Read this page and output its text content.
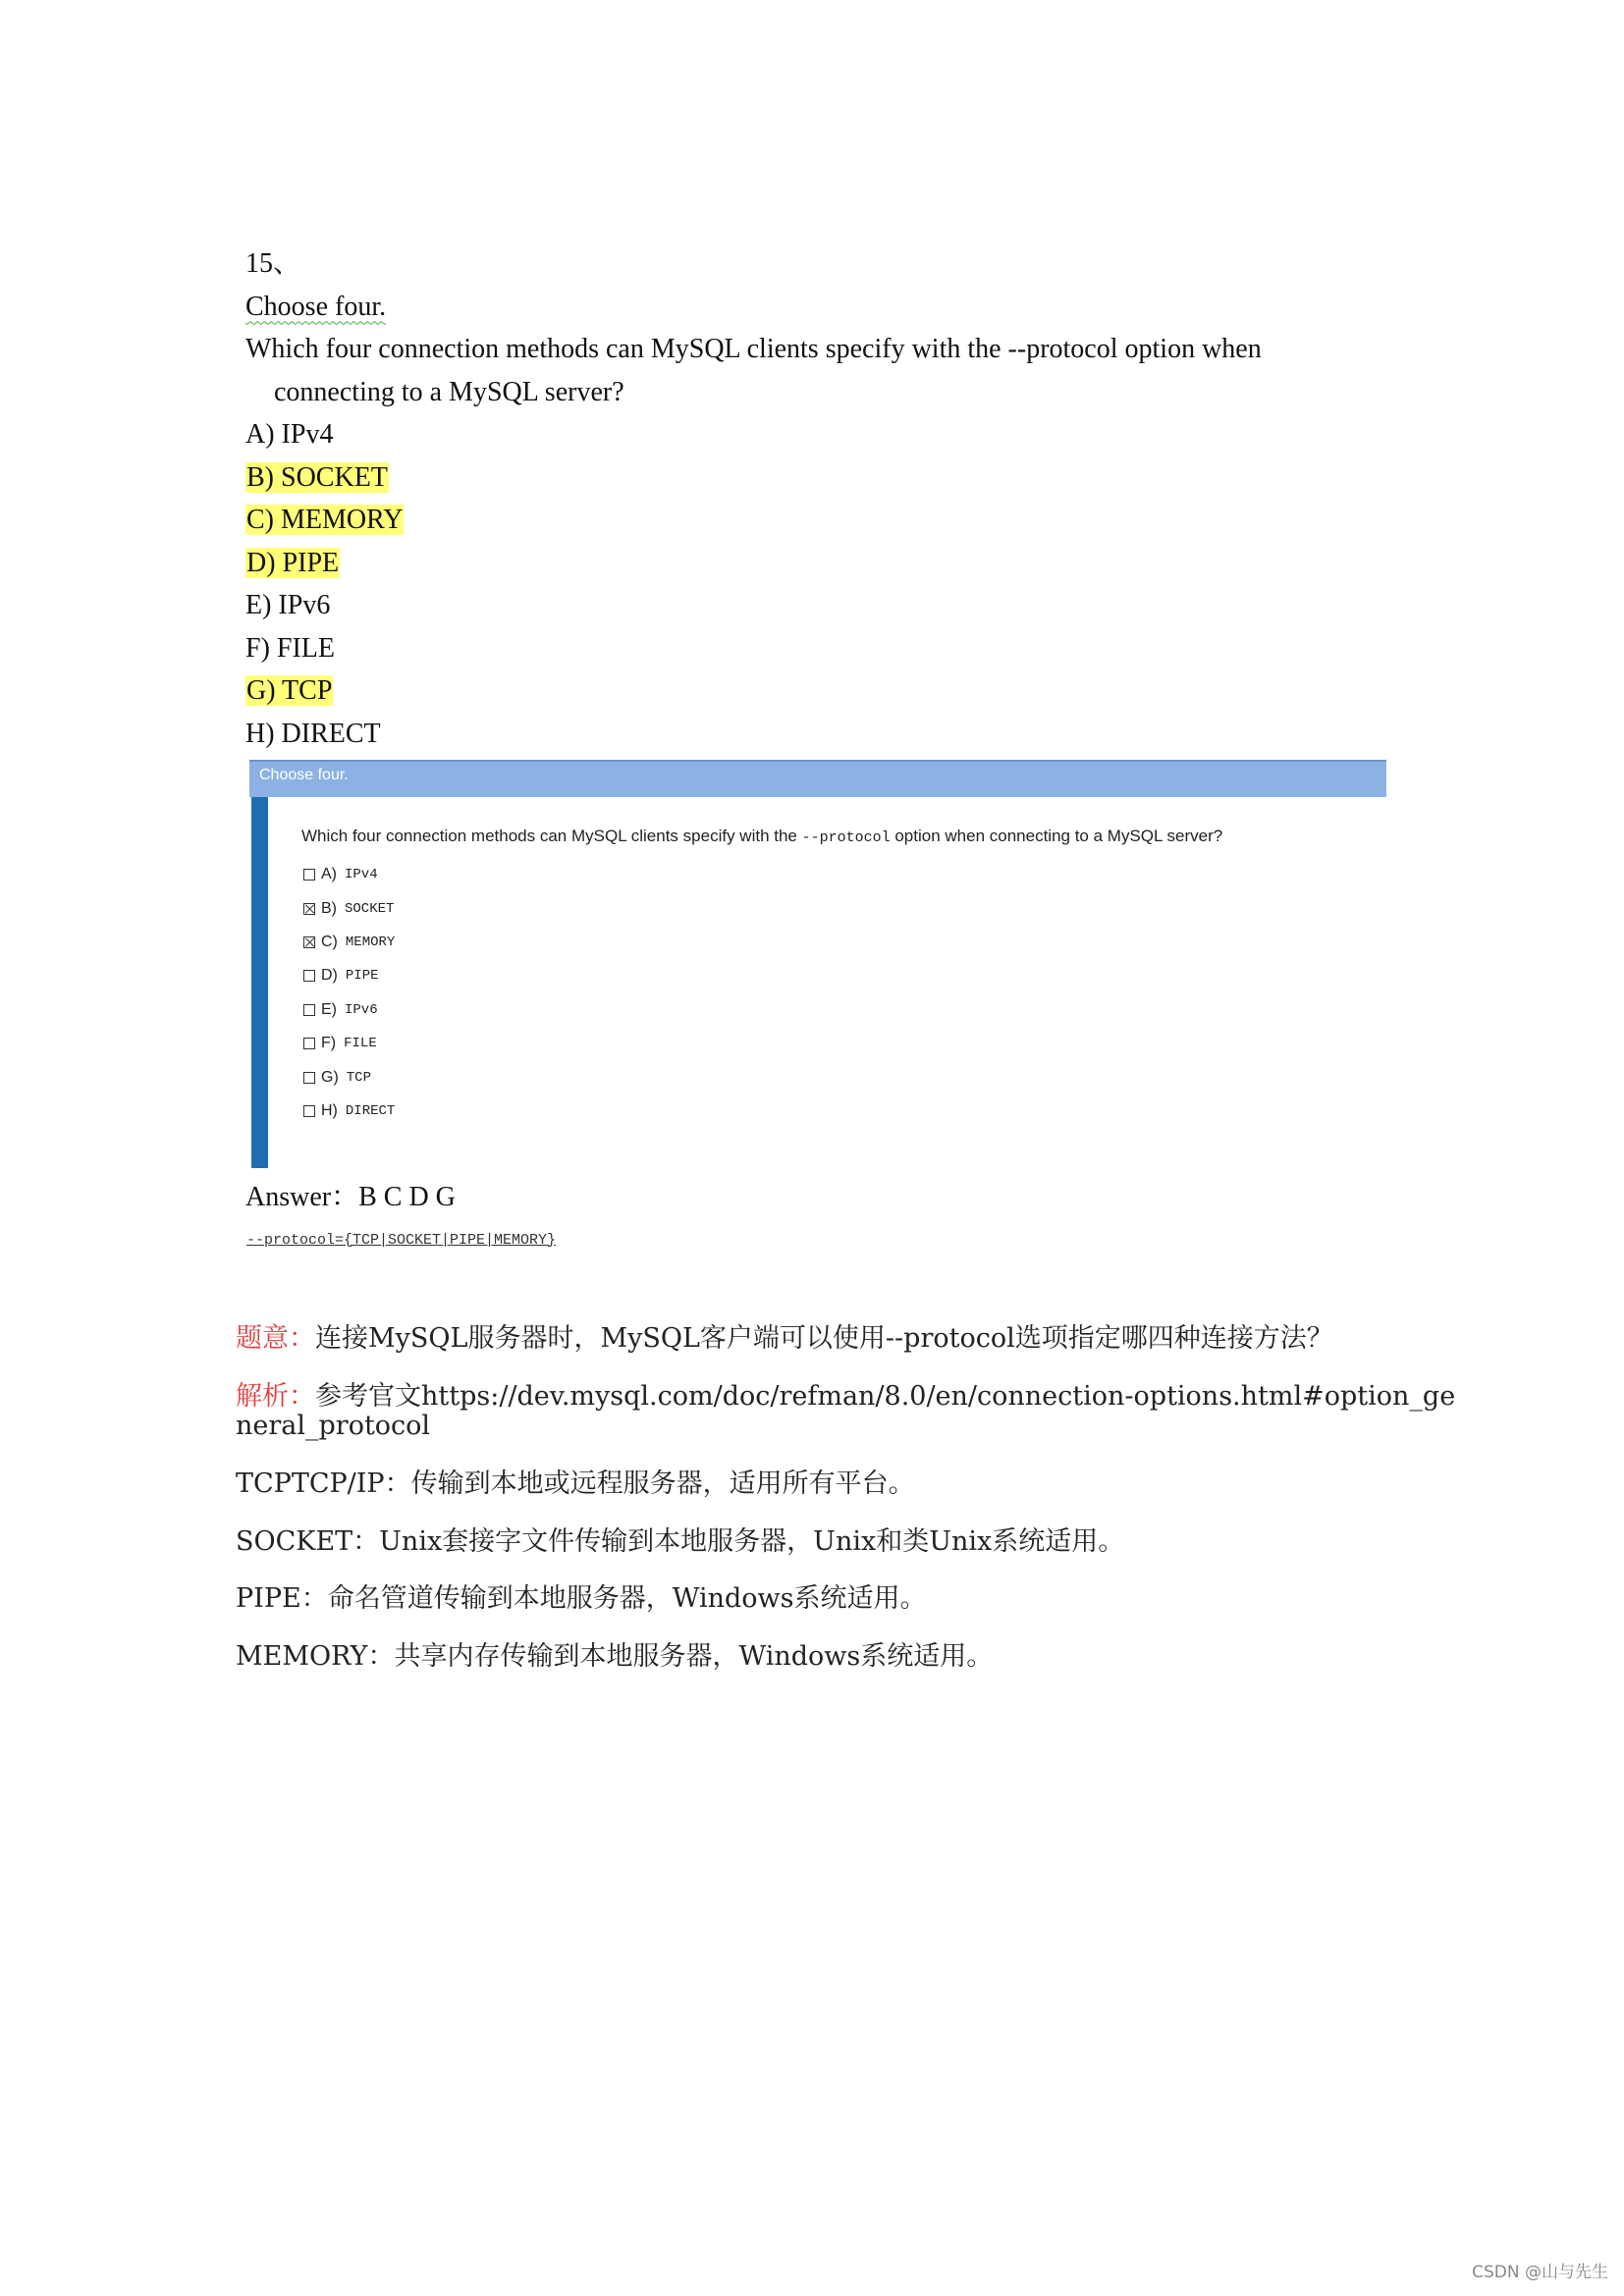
15、
Choose four.
Which four connection methods can MySQL clients specify with the --protocol option when
connecting to a MySQL server?
A) IPv4
B) SOCKET
C) MEMORY
D) PIPE
E) IPv6
F) FILE
G) TCP
H) DIRECT
Choose four.
Which four connection methods can MySQL clients specify with the --protocol option when connecting to a MySQL server?
A) IPv4
B) SOCKET
C) MEMORY
D) PIPE
E) IPv6
F) FILE
G) TCP
H) DIRECT
Answer：B C D G
--protocol={TCP|SOCKET|PIPE|MEMORY}
题意：连接MySQL服务器时，MySQL客户端可以使用--protocol选项指定哪四种连接方法？
解析：参考官文https://dev.mysql.com/doc/refman/8.0/en/connection-options.html#option_general_protocol
TCPTCP/IP：传输到本地或远程服务器，适用所有平台。
SOCKET：Unix套接字文件传输到本地服务器，Unix和类Unix系统适用。
PIPE：命名管道传输到本地服务器，Windows系统适用。
MEMORY：共享内存传输到本地服务器，Windows系统适用。
CSDN @山与先生
